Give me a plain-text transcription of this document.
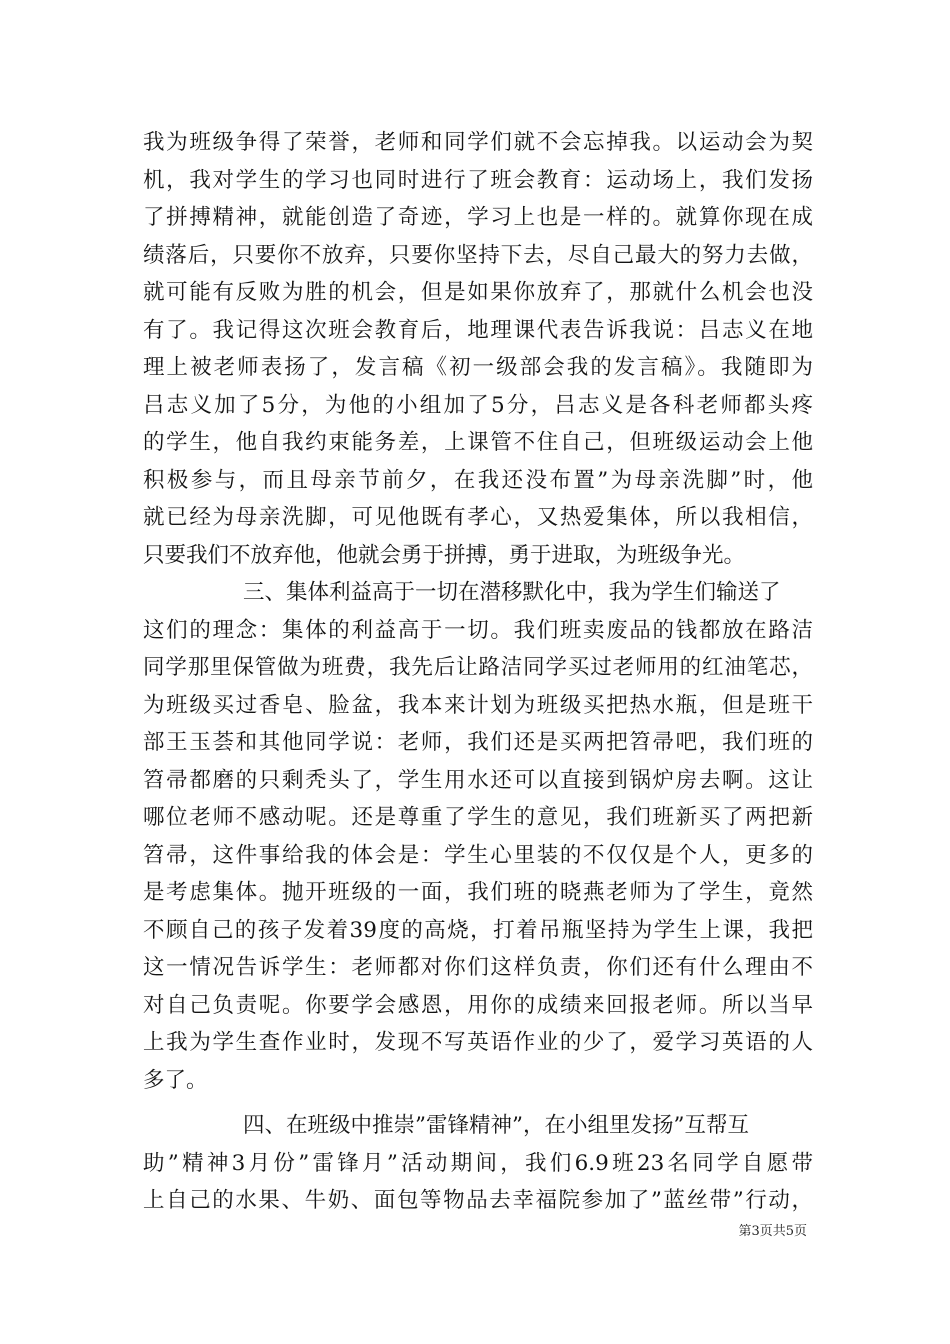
我为班级争得了荣誉，老师和同学们就不会忘掉我。以运动会为契
机，我对学生的学习也同时进行了班会教育：运动场上，我们发扬
了拼搏精神，就能创造了奇迹，学习上也是一样的。就算你现在成
绩落后，只要你不放弃，只要你坚持下去，尽自己最大的努力去做，
就可能有反败为胜的机会，但是如果你放弃了，那就什么机会也没
有了。我记得这次班会教育后，地理课代表告诉我说：吕志义在地
理上被老师表扬了，发言稿《初一级部会我的发言稿》。我随即为
吕志义加了5分，为他的小组加了5分，吕志义是各科老师都头疼
的学生，他自我约束能务差，上课管不住自己，但班级运动会上他
积极参与，而且母亲节前夕，在我还没布置”为母亲洗脚”时，他
就已经为母亲洗脚，可见他既有孝心，又热爱集体，所以我相信，
只要我们不放弃他，他就会勇于拼搏，勇于进取，为班级争光。
三、集体利益高于一切在潜移默化中，我为学生们输送了
这们的理念：集体的利益高于一切。我们班卖废品的钱都放在路洁
同学那里保管做为班费，我先后让路洁同学买过老师用的红油笔芯，
为班级买过香皂、脸盆，我本来计划为班级买把热水瓶，但是班干
部王玉荟和其他同学说：老师，我们还是买两把笤帚吧，我们班的
笤帚都磨的只剩秃头了，学生用水还可以直接到锅炉房去啊。这让
哪位老师不感动呢。还是尊重了学生的意见，我们班新买了两把新
笤帚，这件事给我的体会是：学生心里装的不仅仅是个人，更多的
是考虑集体。抛开班级的一面，我们班的晓燕老师为了学生，竟然
不顾自己的孩子发着39度的高烧，打着吊瓶坚持为学生上课，我把
这一情况告诉学生：老师都对你们这样负责，你们还有什么理由不
对自己负责呢。你要学会感恩，用你的成绩来回报老师。所以当早
上我为学生查作业时，发现不写英语作业的少了，爱学习英语的人
多了。
四、在班级中推崇”雷锋精神”，在小组里发扬”互帮互
助”精神3月份”雷锋月”活动期间，我们6.9班23名同学自愿带
上自己的水果、牛奶、面包等物品去幸福院参加了”蓝丝带”行动，
第3页共5页
